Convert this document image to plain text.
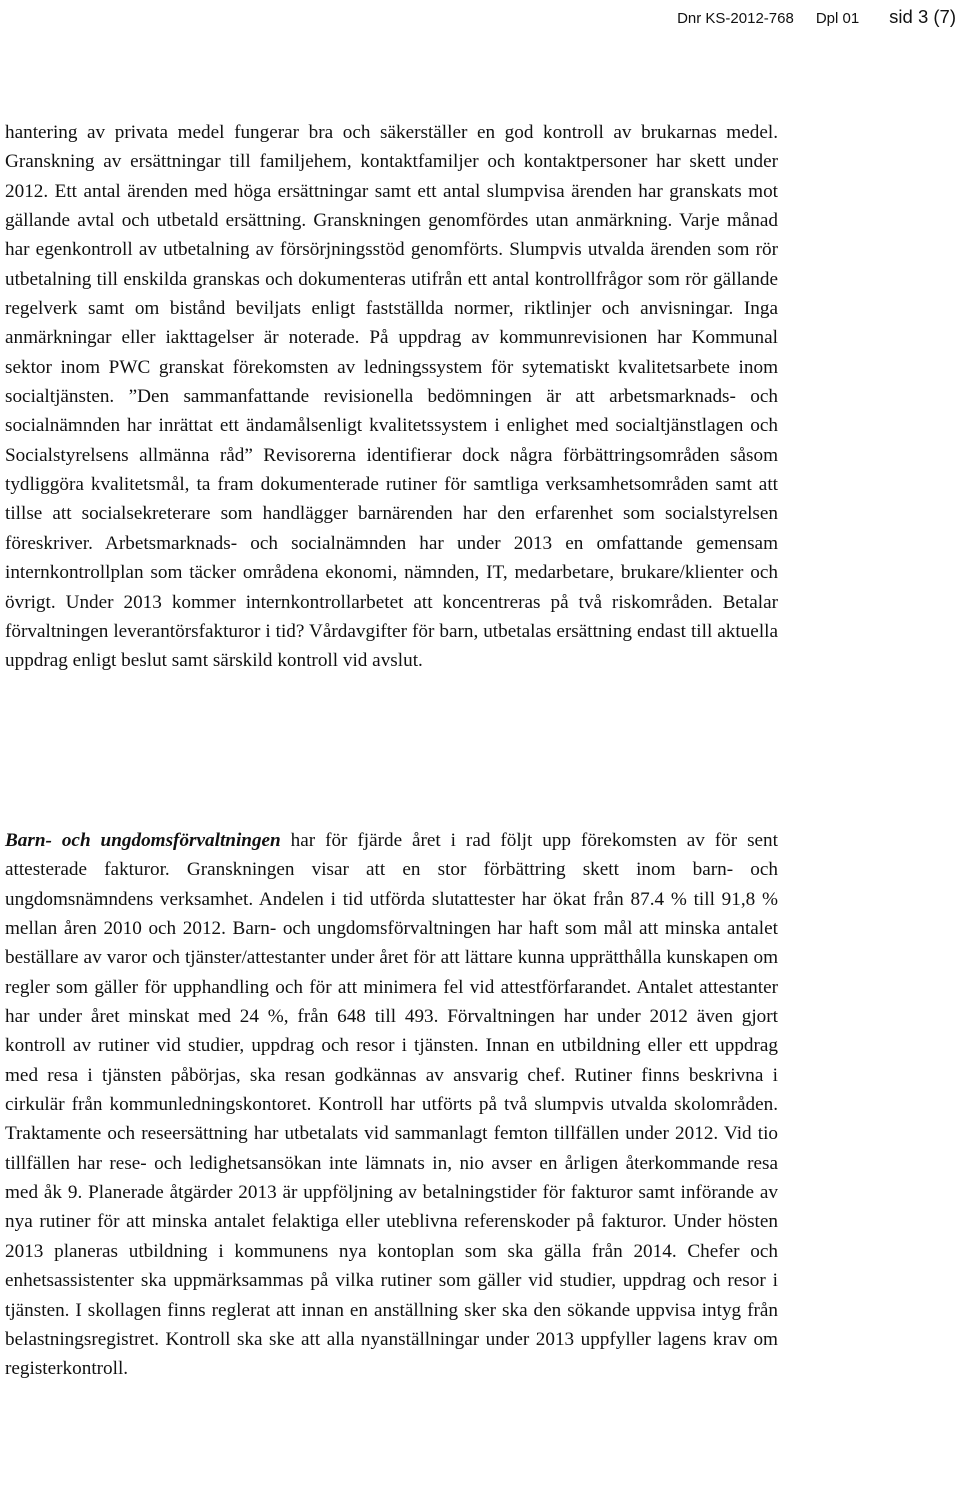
Dnr KS-2012-768 Dpl 01 sid 3 (7)

hantering av privata medel fungerar bra och säkerställer en god kontroll av brukarnas medel. Granskning av ersättningar till familjehem, kontaktfamiljer och kontaktpersoner har skett under 2012. Ett antal ärenden med höga ersättningar samt ett antal slumpvisa ärenden har granskats mot gällande avtal och utbetald ersättning. Granskningen genomfördes utan anmärkning. Varje månad har egenkontroll av utbetalning av försörjningsstöd genomförts. Slumpvis utvalda ärenden som rör utbetalning till enskilda granskas och dokumenteras utifrån ett antal kontrollfrågor som rör gällande regelverk samt om bistånd beviljats enligt fastställda normer, riktlinjer och anvisningar. Inga anmärkningar eller iakttagelser är noterade. På uppdrag av kommunrevisionen har Kommunal sektor inom PWC granskat förekomsten av ledningssystem för sytematiskt kvalitetsarbete inom socialtjänsten. ”Den sammanfattande revisionella bedömningen är att arbetsmarknads- och socialnämnden har inrättat ett ändamålsenligt kvalitetssystem i enlighet med socialtjänstlagen och Socialstyrelsens allmänna råd” Revisorerna identifierar dock några förbättringsområden såsom tydliggöra kvalitetsmål, ta fram dokumenterade rutiner för samtliga verksamhetsområden samt att tillse att socialsekreterare som handlägger barnärenden har den erfarenhet som socialstyrelsen föreskriver. Arbetsmarknads- och socialnämnden har under 2013 en omfattande gemensam internkontrollplan som täcker områdena ekonomi, nämnden, IT, medarbetare, brukare/klienter och övrigt. Under 2013 kommer internkontrollarbetet att koncentreras på två riskområden. Betalar förvaltningen leverantörsfakturor i tid? Vårdavgifter för barn, utbetalas ersättning endast till aktuella uppdrag enligt beslut samt särskild kontroll vid avslut.

Barn- och ungdomsförvaltningen har för fjärde året i rad följt upp förekomsten av för sent attesterade fakturor. Granskningen visar att en stor förbättring skett inom barn- och ungdomsnämndens verksamhet. Andelen i tid utförda slutattester har ökat från 87.4 % till 91,8 % mellan åren 2010 och 2012. Barn- och ungdomsförvaltningen har haft som mål att minska antalet beställare av varor och tjänster/attestanter under året för att lättare kunna upprätthålla kunskapen om regler som gäller för upphandling och för att minimera fel vid attestförfarandet. Antalet attestanter har under året minskat med 24 %, från 648 till 493. Förvaltningen har under 2012 även gjort kontroll av rutiner vid studier, uppdrag och resor i tjänsten. Innan en utbildning eller ett uppdrag med resa i tjänsten påbörjas, ska resan godkännas av ansvarig chef. Rutiner finns beskrivna i cirkulär från kommunledningskontoret. Kontroll har utförts på två slumpvis utvalda skolområden. Traktamente och reseersättning har utbetalats vid sammanlagt femton tillfällen under 2012. Vid tio tillfällen har rese- och ledighetsansökan inte lämnats in, nio avser en årligen återkommande resa med åk 9. Planerade åtgärder 2013 är uppföljning av betalningstider för fakturor samt införande av nya rutiner för att minska antalet felaktiga eller uteblivna referenskoder på fakturor. Under hösten 2013 planeras utbildning i kommunens nya kontoplan som ska gälla från 2014. Chefer och enhetsassistenter ska uppmärksammas på vilka rutiner som gäller vid studier, uppdrag och resor i tjänsten. I skollagen finns reglerat att innan en anställning sker ska den sökande uppvisa intyg från belastningsregistret. Kontroll ska ske att alla nyanställningar under 2013 uppfyller lagens krav om registerkontroll.
